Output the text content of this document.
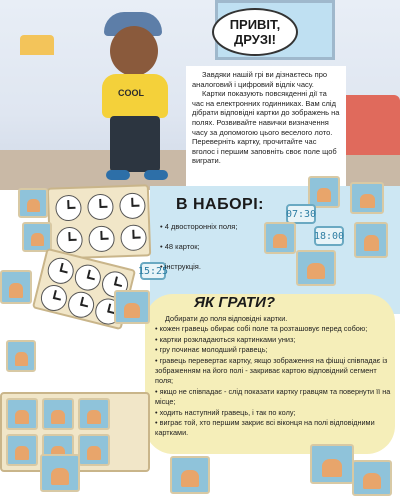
COOL
ПРИВІТ, ДРУЗІ!

Завдяки нашій грі ви дізнаєтесь про аналоговий і цифровий відлік часу.

Картки показують повсякденні дії та час на електронних годинниках. Вам слід дібрати відповідні картки до зображень на полях. Розвивайте навички визначення часу за допомогою цього веселого лото. Переверніть картку, прочитайте час вголос і першим заповніть своє поле щоб виграти.

07:30
18:00
15:25
В НАБОРІ:
• 4 двосторонніх поля;
• 48 карток;
• інструкція.
ЯК ГРАТИ?
Добирати до поля відповідні картки.
• кожен гравець обирає собі поле та розташовує перед собою;
• картки розкладаються картинками униз;
• гру починає молодший гравець;
• гравець перевертає картку, якщо зображення на фішці співпадає із зображенням на його полі - закриває картою відповідний сегмент поля;
• якщо не співпадає - слід показати картку гравцям та повернути її на місце;
• ходить наступний гравець, і так по колу;
• виграє той, хто першим закриє всі віконця на полі відповідними картками.
